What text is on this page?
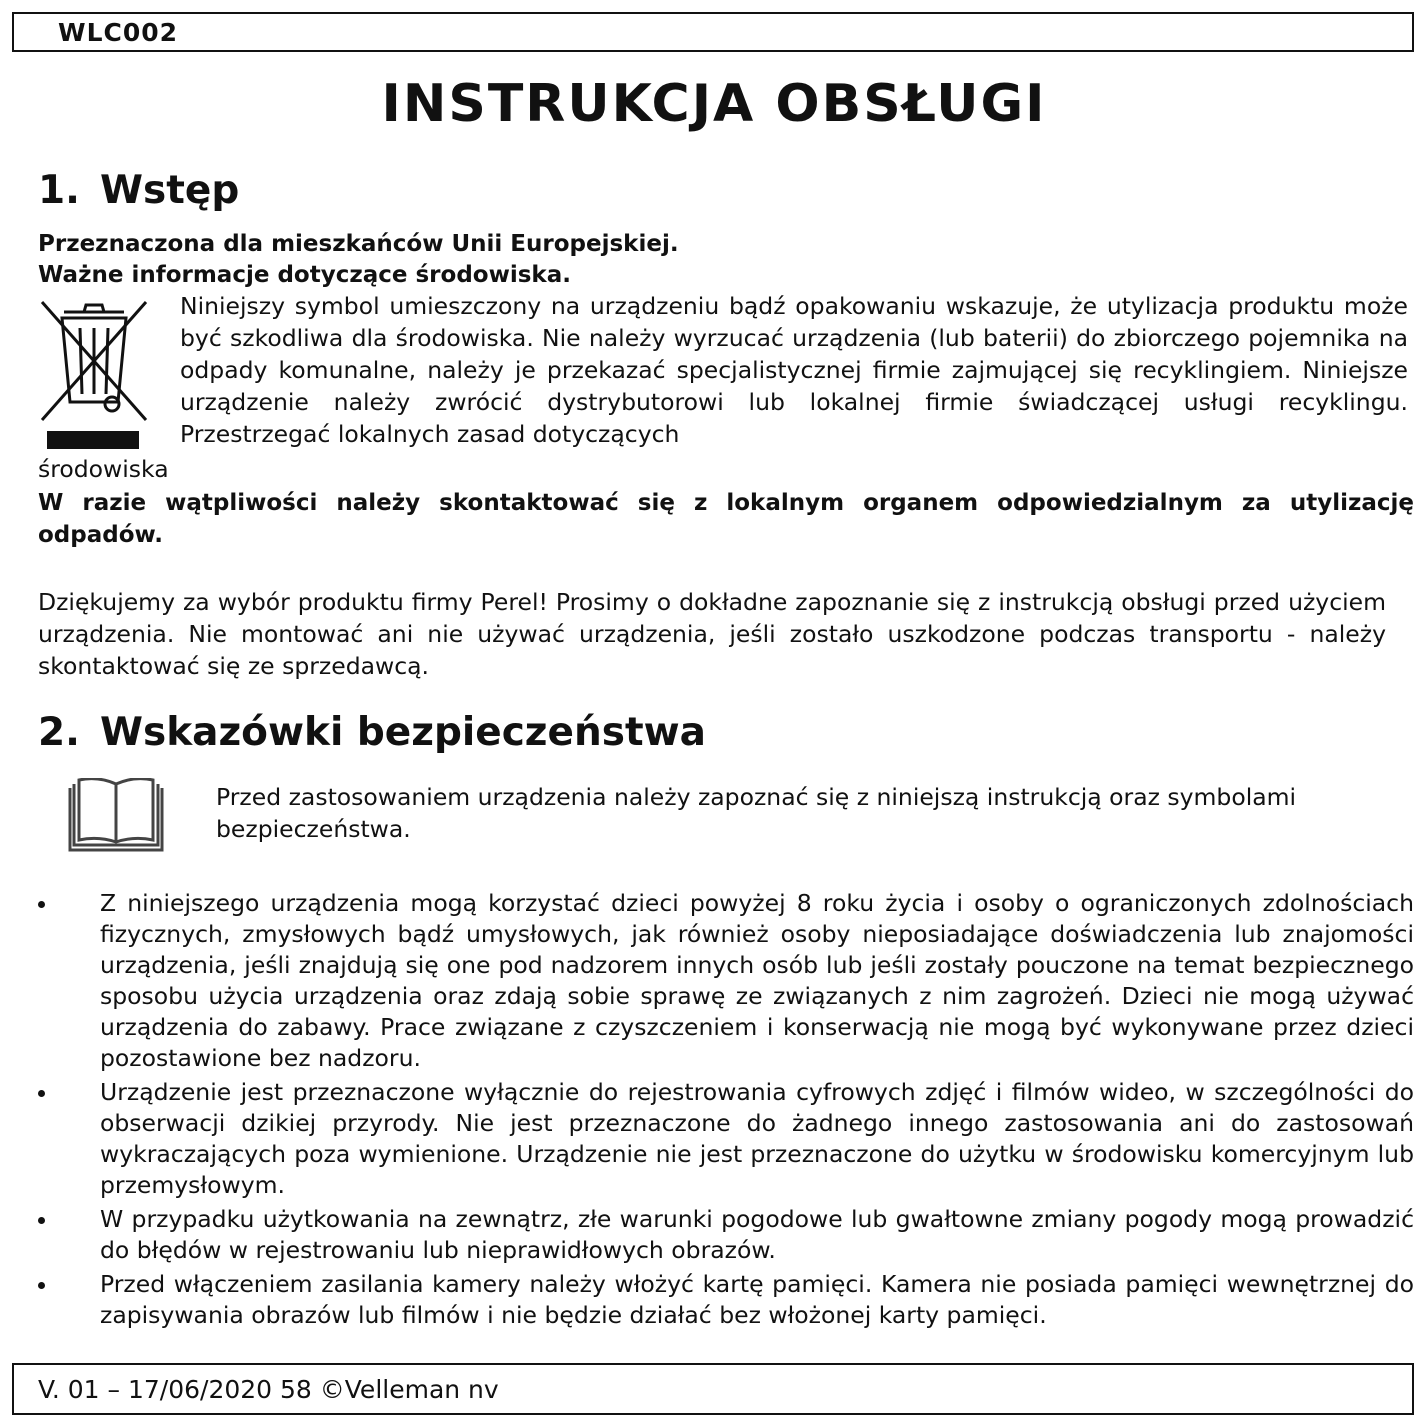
WLC002
INSTRUKCJA OBSŁUGI
1. Wstęp
Przeznaczona dla mieszkańców Unii Europejskiej.
Ważne informacje dotyczące środowiska.

Niniejszy symbol umieszczony na urządzeniu bądź opakowaniu wskazuje, że utylizacja produktu może być szkodliwa dla środowiska. Nie należy wyrzucać urządzenia (lub baterii) do zbiorczego pojemnika na odpady komunalne, należy je przekazać specjalistycznej firmie zajmującej się recyklingiem. Niniejsze urządzenie należy zwrócić dystrybutorowi lub lokalnej firmie świadczącej usługi recyklingu. Przestrzegać lokalnych zasad dotyczących

środowiska

W razie wątpliwości należy skontaktować się z lokalnym organem odpowiedzialnym za utylizację odpadów.

Dziękujemy za wybór produktu firmy Perel! Prosimy o dokładne zapoznanie się z instrukcją obsługi przed użyciem urządzenia. Nie montować ani nie używać urządzenia, jeśli zostało uszkodzone podczas transportu - należy skontaktować się ze sprzedawcą.

2. Wskazówki bezpieczeństwa

Przed zastosowaniem urządzenia należy zapoznać się z niniejszą instrukcją oraz symbolami bezpieczeństwa.

Z niniejszego urządzenia mogą korzystać dzieci powyżej 8 roku życia i osoby o ograniczonych zdolnościach fizycznych, zmysłowych bądź umysłowych, jak również osoby nieposiadające doświadczenia lub znajomości urządzenia, jeśli znajdują się one pod nadzorem innych osób lub jeśli zostały pouczone na temat bezpiecznego sposobu użycia urządzenia oraz zdają sobie sprawę ze związanych z nim zagrożeń. Dzieci nie mogą używać urządzenia do zabawy. Prace związane z czyszczeniem i konserwacją nie mogą być wykonywane przez dzieci pozostawione bez nadzoru.
Urządzenie jest przeznaczone wyłącznie do rejestrowania cyfrowych zdjęć i filmów wideo, w szczególności do obserwacji dzikiej przyrody. Nie jest przeznaczone do żadnego innego zastosowania ani do zastosowań wykraczających poza wymienione. Urządzenie nie jest przeznaczone do użytku w środowisku komercyjnym lub przemysłowym.
W przypadku użytkowania na zewnątrz, złe warunki pogodowe lub gwałtowne zmiany pogody mogą prowadzić do błędów w rejestrowaniu lub nieprawidłowych obrazów.
Przed włączeniem zasilania kamery należy włożyć kartę pamięci. Kamera nie posiada pamięci wewnętrznej do zapisywania obrazów lub filmów i nie będzie działać bez włożonej karty pamięci.
V. 01 – 17/06/2020 58 ©Velleman nv
